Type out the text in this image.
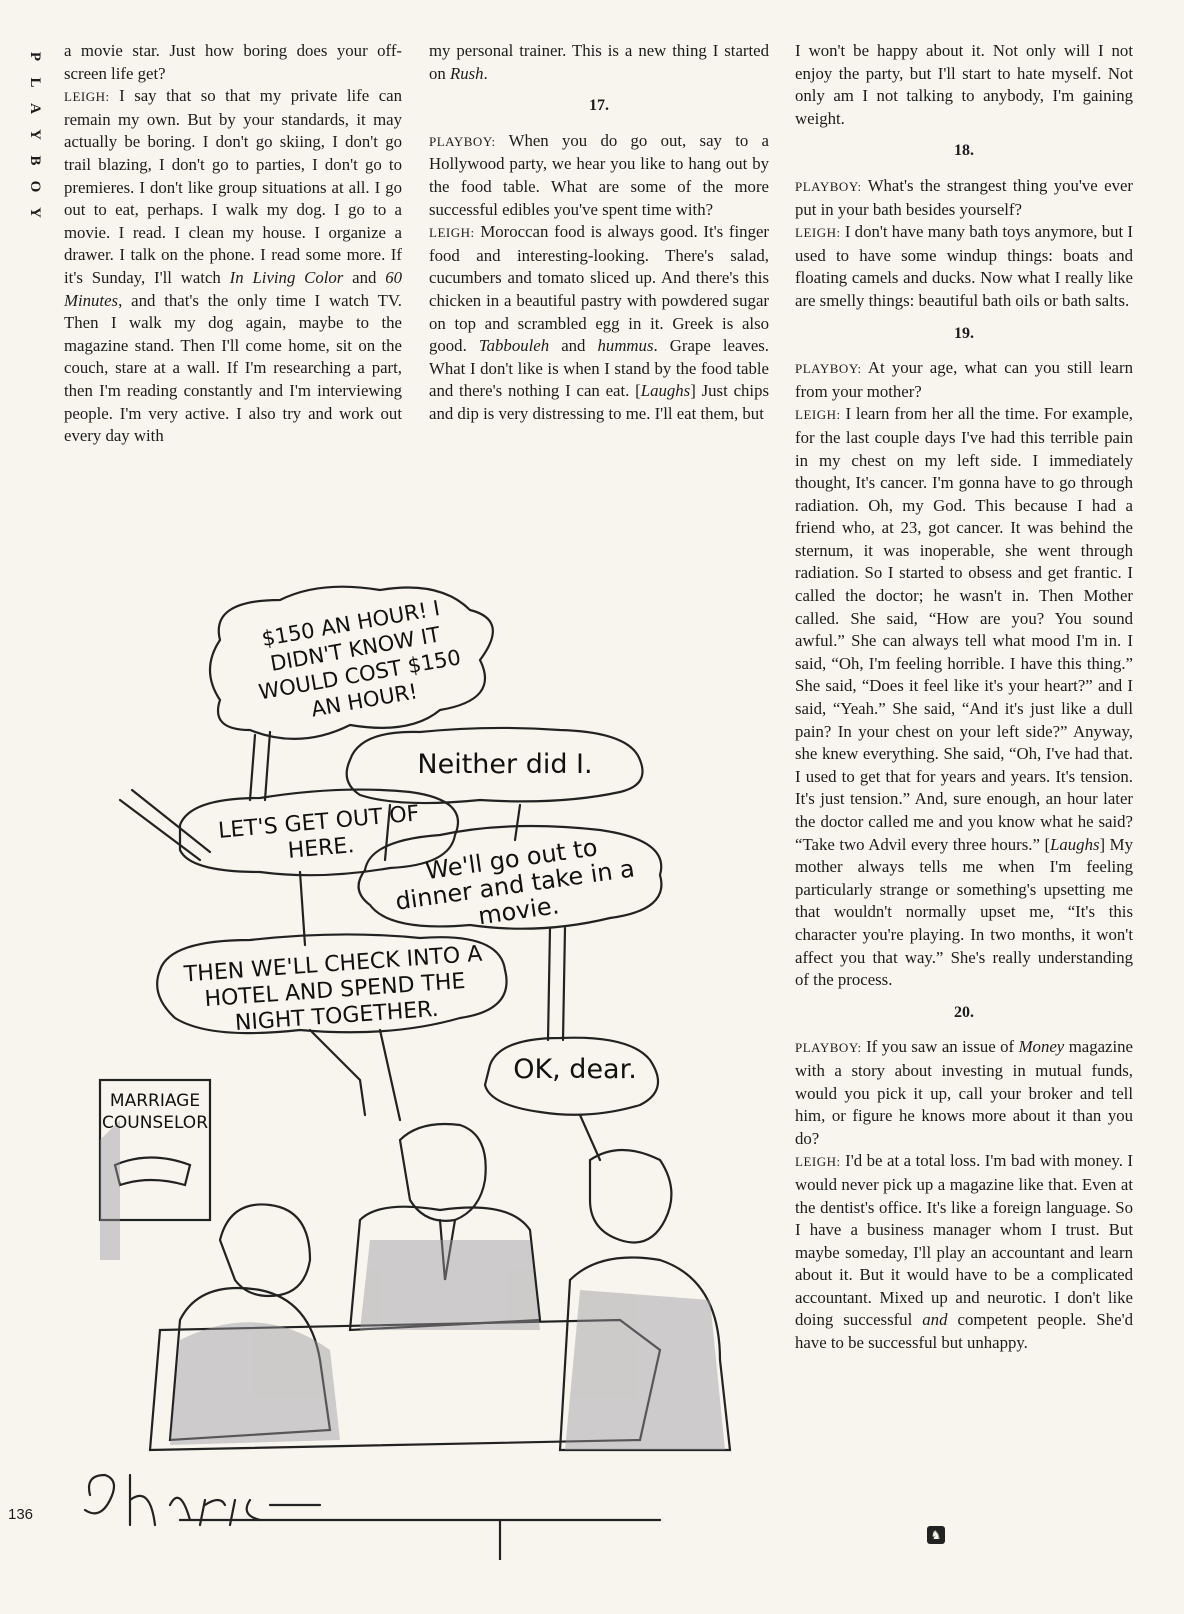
P
L
A
Y
B
O
Y

a movie star. Just how boring does your off-screen life get?

LEIGH: I say that so that my private life can remain my own. But by your standards, it may actually be boring. I don't go skiing, I don't go trail blazing, I don't go to parties, I don't go to premieres. I don't like group situations at all. I go out to eat, perhaps. I walk my dog. I go to a movie. I read. I clean my house. I organize a drawer. I talk on the phone. I read some more. If it's Sunday, I'll watch In Living Color and 60 Minutes, and that's the only time I watch TV. Then I walk my dog again, maybe to the magazine stand. Then I'll come home, sit on the couch, stare at a wall. If I'm researching a part, then I'm reading constantly and I'm interviewing people. I'm very active. I also try and work out every day with

my personal trainer. This is a new thing I started on Rush.

17.

PLAYBOY: When you do go out, say to a Hollywood party, we hear you like to hang out by the food table. What are some of the more successful edibles you've spent time with?

LEIGH: Moroccan food is always good. It's finger food and interesting-looking. There's salad, cucumbers and tomato sliced up. And there's this chicken in a beautiful pastry with powdered sugar on top and scrambled egg in it. Greek is also good. Tabbouleh and hummus. Grape leaves. What I don't like is when I stand by the food table and there's nothing I can eat. [Laughs] Just chips and dip is very distressing to me. I'll eat them, but

I won't be happy about it. Not only will I not enjoy the party, but I'll start to hate myself. Not only am I not talking to anybody, I'm gaining weight.

18.

PLAYBOY: What's the strangest thing you've ever put in your bath besides yourself?

LEIGH: I don't have many bath toys anymore, but I used to have some windup things: boats and floating camels and ducks. Now what I really like are smelly things: beautiful bath oils or bath salts.

19.

PLAYBOY: At your age, what can you still learn from your mother?

LEIGH: I learn from her all the time. For example, for the last couple days I've had this terrible pain in my chest on my left side. I immediately thought, It's cancer. I'm gonna have to go through radiation. Oh, my God. This because I had a friend who, at 23, got cancer. It was behind the sternum, it was inoperable, she went through radiation. So I started to obsess and get frantic. I called the doctor; he wasn't in. Then Mother called. She said, “How are you? You sound awful.” She can always tell what mood I'm in. I said, “Oh, I'm feeling horrible. I have this thing.” She said, “Does it feel like it's your heart?” and I said, “Yeah.” She said, “And it's just like a dull pain? In your chest on your left side?” Anyway, she knew everything. She said, “Oh, I've had that. I used to get that for years and years. It's tension. It's just tension.” And, sure enough, an hour later the doctor called me and you know what he said? “Take two Advil every three hours.” [Laughs] My mother always tells me when I'm feeling particularly strange or something's upsetting me that wouldn't normally upset me, “It's this character you're playing. In two months, it won't affect you that way.” She's really understanding of the process.

20.

PLAYBOY: If you saw an issue of Money magazine with a story about investing in mutual funds, would you pick it up, call your broker and tell him, or figure he knows more about it than you do?

LEIGH: I'd be at a total loss. I'm bad with money. I would never pick up a magazine like that. Even at the dentist's office. It's like a foreign language. So I have a business manager whom I trust. But maybe someday, I'll play an accountant and learn about it. But it would have to be a complicated accountant. Mixed up and neurotic. I don't like doing successful and competent people. She'd have to be successful but unhappy.

$150 AN HOUR! I DIDN'T KNOW IT WOULD COST $150 AN HOUR!
Neither did I.
LET'S GET OUT OF HERE.	We'll go out to dinner and take in a movie.
THEN WE'LL CHECK INTO A HOTEL AND SPEND THE NIGHT TOGETHER.
OK, dear.
MARRIAGE COUNSELOR
136
♞
